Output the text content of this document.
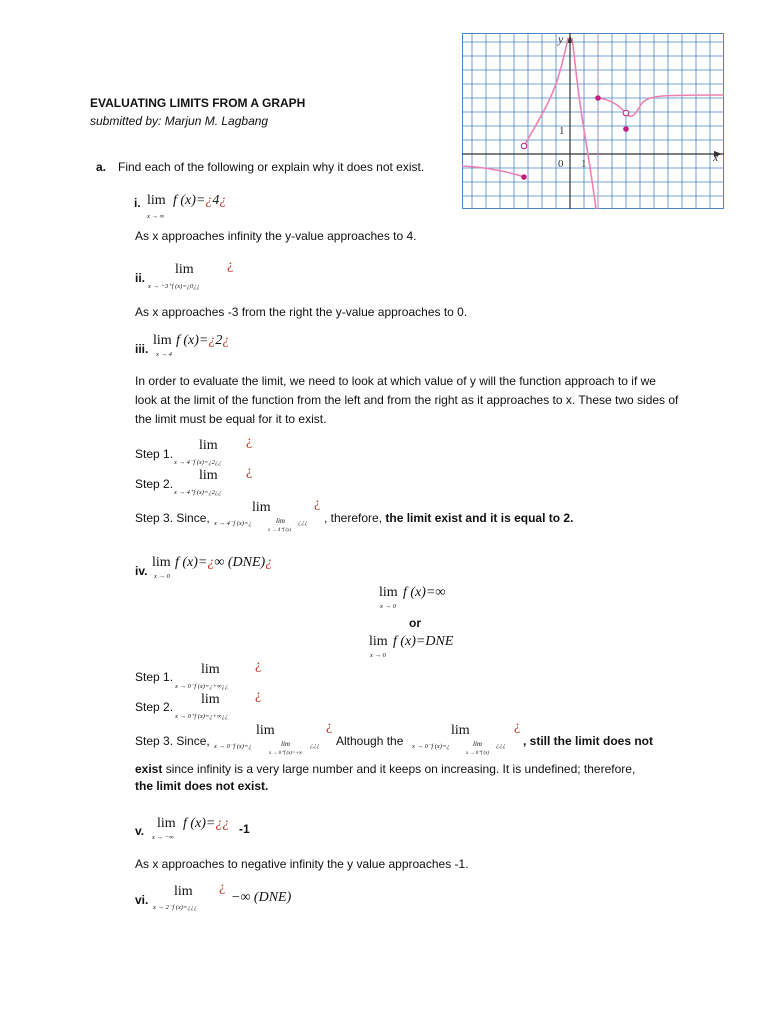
EVALUATING LIMITS FROM A GRAPH
submitted by: Marjun M. Lagbang
y
x
1
0 1
a. Find each of the following or explain why it does not exist.
i. lim
x → ∞
f (x)=¿4¿
As x approaches infinity the y-value approaches to 4.
ii.
lim ¿
x → −3⁺f (x)=¿0¿¿
As x approaches -3 from the right the y-value approaches to 0.
iii.
lim
x → 4
f (x)=¿2¿
In order to evaluate the limit, we need to look at which value of y will the function approach to if we look at the limit of the function from the left and from the right as it approaches to x. These two sides of the limit must be equal for it to exist.
Step 1.
lim ¿
x → 4⁻f (x)=¿2¿¿
Step 2.
lim ¿
x → 4⁺f (x)=¿2¿¿
Step 3. Since,
lim	¿
x → 4⁻f (x)=¿	lim ¿¿¿
x → 4⁺f (x)
, therefore, the limit exist and it is equal to 2.
iv.
lim
x → 0
f (x)=¿∞ (DNE)¿
lim
x → 0
f (x)=∞
or
lim
x → 0
f (x)=DNE
Step 1. lim	¿
x → 0⁻f (x)=¿+∞¿¿
Step 2. lim	¿
x → 0⁺f (x)=¿+∞¿¿
Step 3. Since,
lim	¿
x → 0⁻f (x)=¿	lim	¿¿¿
x → 0⁺f (x)=+∞
Although the
lim	¿
x → 0⁻f (x)=¿	lim ¿¿¿
x → 0⁺f (x)
, still the limit does not
exist since infinity is a very large number and it keeps on increasing. It is undefined; therefore,
the limit does not exist.
v. lim
x → −∞
f (x)=¿¿ -1
As x approaches to negative infinity the y value approaches -1.
vi.
lim ¿
x → 2⁻f (x)=¿¿¿
−∞ (DNE)
